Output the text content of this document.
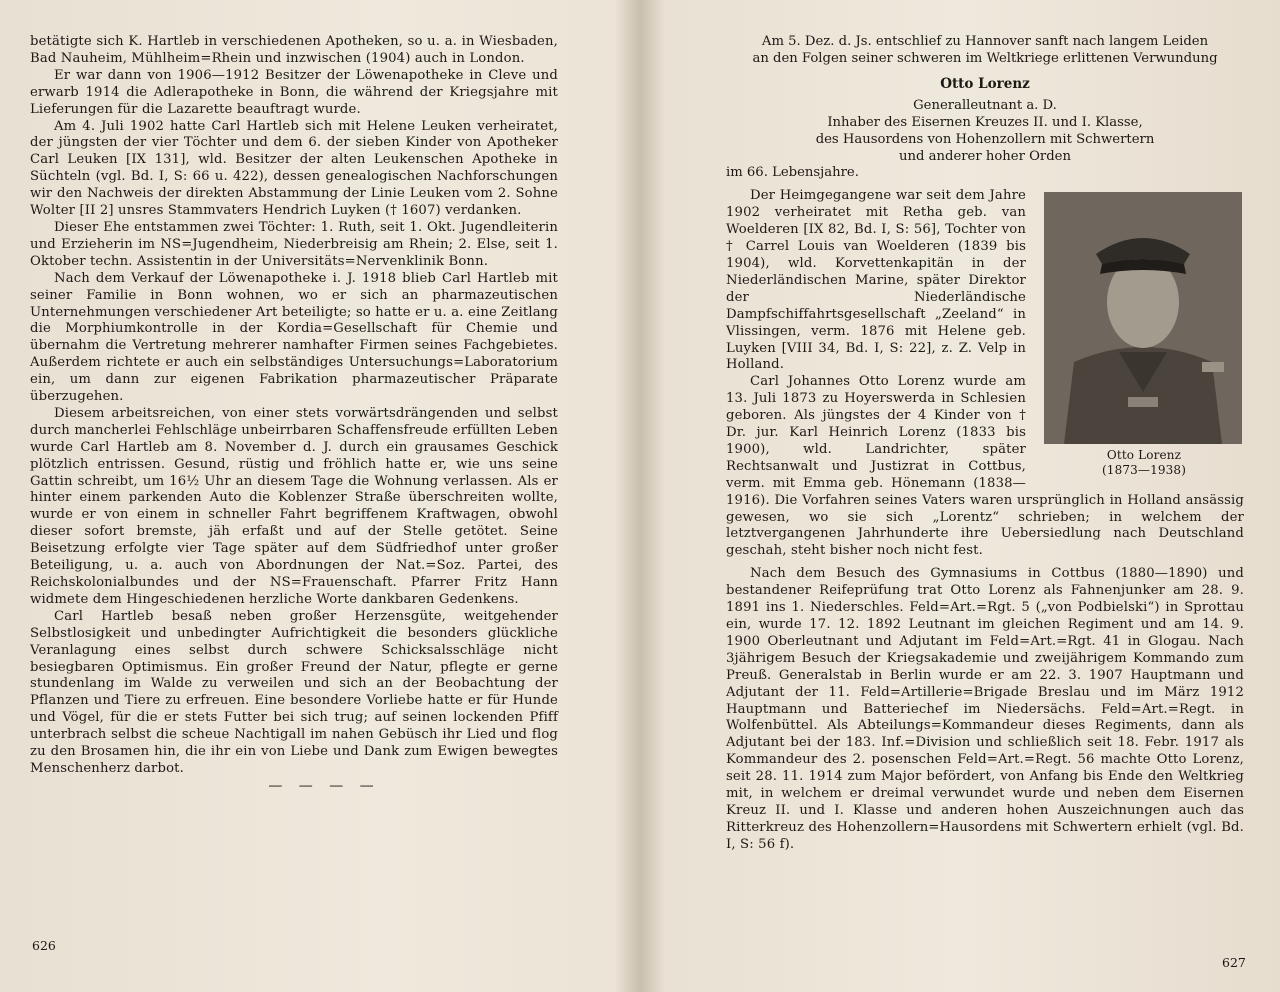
betätigte sich K. Hartleb in verschiedenen Apotheken, so u. a. in Wiesbaden, Bad Nauheim, Mühlheim=Rhein und inzwischen (1904) auch in London.

Er war dann von 1906—1912 Besitzer der Löwenapotheke in Cleve und erwarb 1914 die Adlerapotheke in Bonn, die während der Kriegsjahre mit Lieferungen für die Lazarette beauftragt wurde.

Am 4. Juli 1902 hatte Carl Hartleb sich mit Helene Leuken verheiratet, der jüngsten der vier Töchter und dem 6. der sieben Kinder von Apotheker Carl Leuken [IX 131], wld. Besitzer der alten Leukenschen Apotheke in Süchteln (vgl. Bd. I, S: 66 u. 422), dessen genealogischen Nachforschungen wir den Nachweis der direkten Abstammung der Linie Leuken vom 2. Sohne Wolter [II 2] unsres Stammvaters Hendrich Luyken († 1607) verdanken.

Dieser Ehe entstammen zwei Töchter: 1. Ruth, seit 1. Okt. Jugendleiterin und Erzieherin im NS=Jugendheim, Niederbreisig am Rhein; 2. Else, seit 1. Oktober techn. Assistentin in der Universitäts=Nervenklinik Bonn.

Nach dem Verkauf der Löwenapotheke i. J. 1918 blieb Carl Hartleb mit seiner Familie in Bonn wohnen, wo er sich an pharmazeutischen Unternehmungen verschiedener Art beteiligte; so hatte er u. a. eine Zeitlang die Morphiumkontrolle in der Kordia=Gesellschaft für Chemie und übernahm die Vertretung mehrerer namhafter Firmen seines Fachgebietes. Außerdem richtete er auch ein selbständiges Untersuchungs=Laboratorium ein, um dann zur eigenen Fabrikation pharmazeutischer Präparate überzugehen.

Diesem arbeitsreichen, von einer stets vorwärtsdrängenden und selbst durch mancherlei Fehlschläge unbeirrbaren Schaffensfreude erfüllten Leben wurde Carl Hartleb am 8. November d. J. durch ein grausames Geschick plötzlich entrissen. Gesund, rüstig und fröhlich hatte er, wie uns seine Gattin schreibt, um 16½ Uhr an diesem Tage die Wohnung verlassen. Als er hinter einem parkenden Auto die Koblenzer Straße überschreiten wollte, wurde er von einem in schneller Fahrt begriffenem Kraftwagen, obwohl dieser sofort bremste, jäh erfaßt und auf der Stelle getötet. Seine Beisetzung erfolgte vier Tage später auf dem Südfriedhof unter großer Beteiligung, u. a. auch von Abordnungen der Nat.=Soz. Partei, des Reichskolonialbundes und der NS=Frauenschaft. Pfarrer Fritz Hann widmete dem Hingeschiedenen herzliche Worte dankbaren Gedenkens.

Carl Hartleb besaß neben großer Herzensgüte, weitgehender Selbstlosigkeit und unbedingter Aufrichtigkeit die besonders glückliche Veranlagung eines selbst durch schwere Schicksalsschläge nicht besiegbaren Optimismus. Ein großer Freund der Natur, pflegte er gerne stundenlang im Walde zu verweilen und sich an der Beobachtung der Pflanzen und Tiere zu erfreuen. Eine besondere Vorliebe hatte er für Hunde und Vögel, für die er stets Futter bei sich trug; auf seinen lockenden Pfiff unterbrach selbst die scheue Nachtigall im nahen Gebüsch ihr Lied und flog zu den Brosamen hin, die ihr ein von Liebe und Dank zum Ewigen bewegtes Menschenherz darbot.

— — — —
626
Am 5. Dez. d. Js. entschlief zu Hannover sanft nach langem Leiden
an den Folgen seiner schweren im Weltkriege erlittenen Verwundung
Otto Lorenz
Generalleutnant a. D.
Inhaber des Eisernen Kreuzes II. und I. Klasse,
des Hausordens von Hohenzollern mit Schwertern
und anderer hoher Orden
im 66. Lebensjahre.

Otto Lorenz
(1873—1938)
Der Heimgegangene war seit dem Jahre 1902 verheiratet mit Retha geb. van Woelderen [IX 82, Bd. I, S: 56], Tochter von † Carrel Louis van Woelderen (1839 bis 1904), wld. Korvettenkapitän in der Niederländischen Marine, später Direktor der Niederländische Dampfschiffahrtsgesellschaft „Zeeland“ in Vlissingen, verm. 1876 mit Helene geb. Luyken [VIII 34, Bd. I, S: 22], z. Z. Velp in Holland.

Carl Johannes Otto Lorenz wurde am 13. Juli 1873 zu Hoyerswerda in Schlesien geboren. Als jüngstes der 4 Kinder von † Dr. jur. Karl Heinrich Lorenz (1833 bis 1900), wld. Landrichter, später Rechtsanwalt und Justizrat in Cottbus, verm. mit Emma geb. Hönemann (1838—1916). Die Vorfahren seines Vaters waren ursprünglich in Holland ansässig gewesen, wo sie sich „Lorentz“ schrieben; in welchem der letztvergangenen Jahrhunderte ihre Uebersiedlung nach Deutschland geschah, steht bisher noch nicht fest.

Nach dem Besuch des Gymnasiums in Cottbus (1880—1890) und bestandener Reifeprüfung trat Otto Lorenz als Fahnenjunker am 28. 9. 1891 ins 1. Niederschles. Feld=Art.=Rgt. 5 („von Podbielski“) in Sprottau ein, wurde 17. 12. 1892 Leutnant im gleichen Regiment und am 14. 9. 1900 Oberleutnant und Adjutant im Feld=Art.=Rgt. 41 in Glogau. Nach 3jährigem Besuch der Kriegsakademie und zweijährigem Kommando zum Preuß. Generalstab in Berlin wurde er am 22. 3. 1907 Hauptmann und Adjutant der 11. Feld=Artillerie=Brigade Breslau und im März 1912 Hauptmann und Batteriechef im Niedersächs. Feld=Art.=Regt. in Wolfenbüttel. Als Abteilungs=Kommandeur dieses Regiments, dann als Adjutant bei der 183. Inf.=Division und schließlich seit 18. Febr. 1917 als Kommandeur des 2. posenschen Feld=Art.=Regt. 56 machte Otto Lorenz, seit 28. 11. 1914 zum Major befördert, von Anfang bis Ende den Weltkrieg mit, in welchem er dreimal verwundet wurde und neben dem Eisernen Kreuz II. und I. Klasse und anderen hohen Auszeichnungen auch das Ritterkreuz des Hohenzollern=Hausordens mit Schwertern erhielt (vgl. Bd. I, S: 56 f).

627
